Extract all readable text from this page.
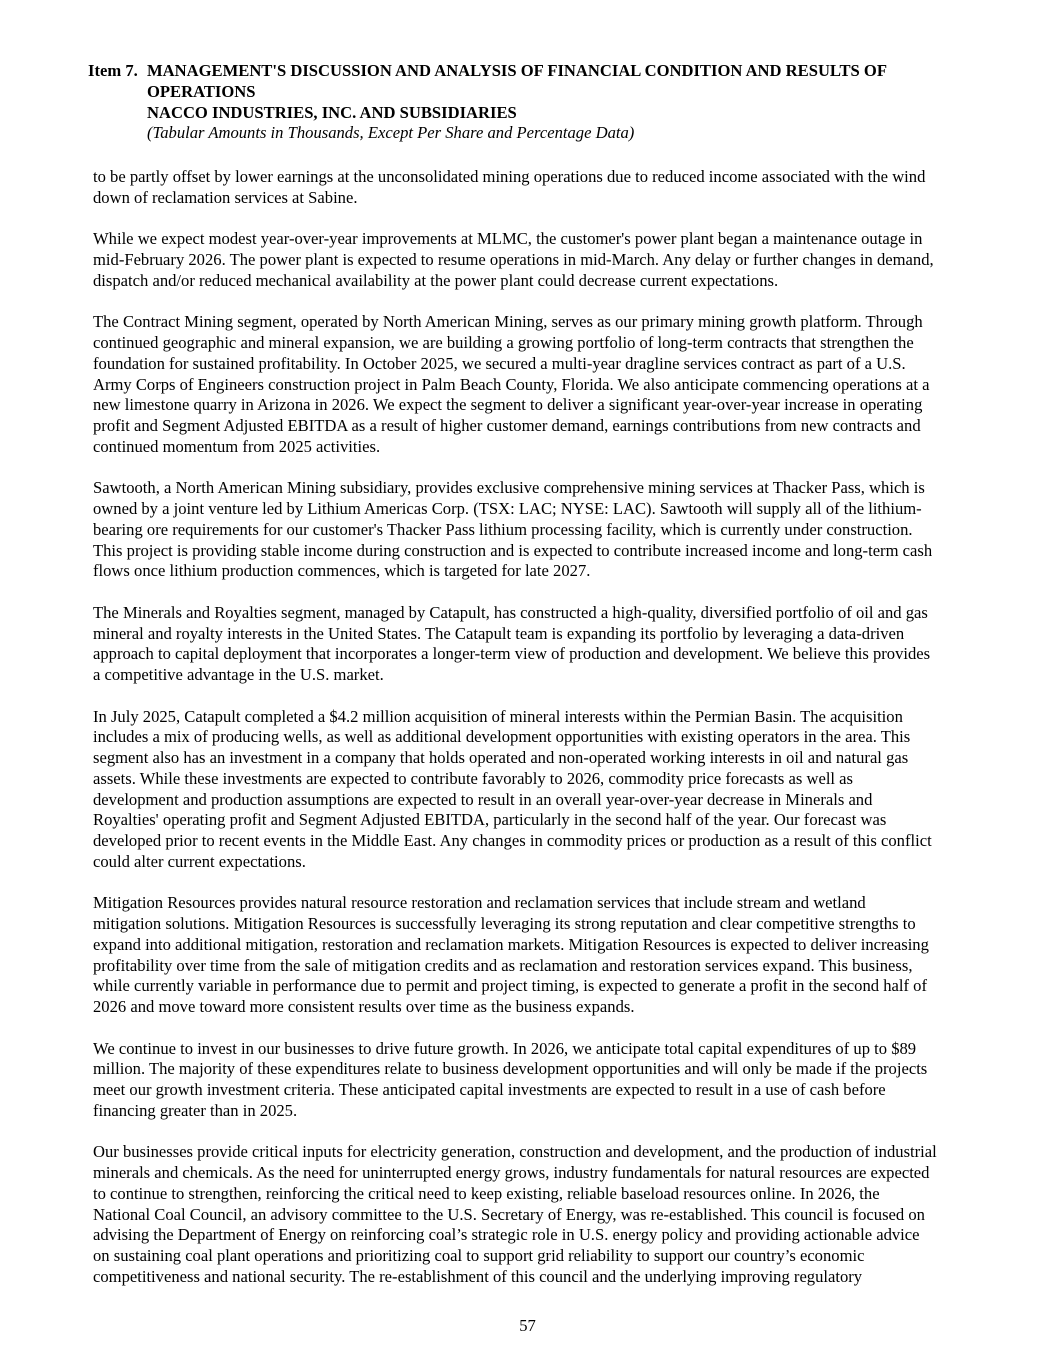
Item 7. MANAGEMENT'S DISCUSSION AND ANALYSIS OF FINANCIAL CONDITION AND RESULTS OF
OPERATIONS
NACCO INDUSTRIES, INC. AND SUBSIDIARIES
(Tabular Amounts in Thousands, Except Per Share and Percentage Data)

to be partly offset by lower earnings at the unconsolidated mining operations due to reduced income associated with the wind
down of reclamation services at Sabine.

While we expect modest year-over-year improvements at MLMC, the customer's power plant began a maintenance outage in
mid-February 2026. The power plant is expected to resume operations in mid-March. Any delay or further changes in demand,
dispatch and/or reduced mechanical availability at the power plant could decrease current expectations.

The Contract Mining segment, operated by North American Mining, serves as our primary mining growth platform. Through
continued geographic and mineral expansion, we are building a growing portfolio of long-term contracts that strengthen the
foundation for sustained profitability. In October 2025, we secured a multi-year dragline services contract as part of a U.S.
Army Corps of Engineers construction project in Palm Beach County, Florida. We also anticipate commencing operations at a
new limestone quarry in Arizona in 2026. We expect the segment to deliver a significant year-over-year increase in operating
profit and Segment Adjusted EBITDA as a result of higher customer demand, earnings contributions from new contracts and
continued momentum from 2025 activities.

Sawtooth, a North American Mining subsidiary, provides exclusive comprehensive mining services at Thacker Pass, which is
owned by a joint venture led by Lithium Americas Corp. (TSX: LAC; NYSE: LAC). Sawtooth will supply all of the lithium-
bearing ore requirements for our customer's Thacker Pass lithium processing facility, which is currently under construction.
This project is providing stable income during construction and is expected to contribute increased income and long-term cash
flows once lithium production commences, which is targeted for late 2027.

The Minerals and Royalties segment, managed by Catapult, has constructed a high-quality, diversified portfolio of oil and gas
mineral and royalty interests in the United States. The Catapult team is expanding its portfolio by leveraging a data-driven
approach to capital deployment that incorporates a longer-term view of production and development. We believe this provides
a competitive advantage in the U.S. market.

In July 2025, Catapult completed a $4.2 million acquisition of mineral interests within the Permian Basin. The acquisition
includes a mix of producing wells, as well as additional development opportunities with existing operators in the area. This
segment also has an investment in a company that holds operated and non-operated working interests in oil and natural gas
assets. While these investments are expected to contribute favorably to 2026, commodity price forecasts as well as
development and production assumptions are expected to result in an overall year-over-year decrease in Minerals and
Royalties' operating profit and Segment Adjusted EBITDA, particularly in the second half of the year. Our forecast was
developed prior to recent events in the Middle East. Any changes in commodity prices or production as a result of this conflict
could alter current expectations.

Mitigation Resources provides natural resource restoration and reclamation services that include stream and wetland
mitigation solutions. Mitigation Resources is successfully leveraging its strong reputation and clear competitive strengths to
expand into additional mitigation, restoration and reclamation markets. Mitigation Resources is expected to deliver increasing
profitability over time from the sale of mitigation credits and as reclamation and restoration services expand. This business,
while currently variable in performance due to permit and project timing, is expected to generate a profit in the second half of
2026 and move toward more consistent results over time as the business expands.

We continue to invest in our businesses to drive future growth. In 2026, we anticipate total capital expenditures of up to $89
million. The majority of these expenditures relate to business development opportunities and will only be made if the projects
meet our growth investment criteria. These anticipated capital investments are expected to result in a use of cash before
financing greater than in 2025.

Our businesses provide critical inputs for electricity generation, construction and development, and the production of industrial
minerals and chemicals. As the need for uninterrupted energy grows, industry fundamentals for natural resources are expected
to continue to strengthen, reinforcing the critical need to keep existing, reliable baseload resources online. In 2026, the
National Coal Council, an advisory committee to the U.S. Secretary of Energy, was re-established. This council is focused on
advising the Department of Energy on reinforcing coal’s strategic role in U.S. energy policy and providing actionable advice
on sustaining coal plant operations and prioritizing coal to support grid reliability to support our country’s economic
competitiveness and national security. The re-establishment of this council and the underlying improving regulatory

57
